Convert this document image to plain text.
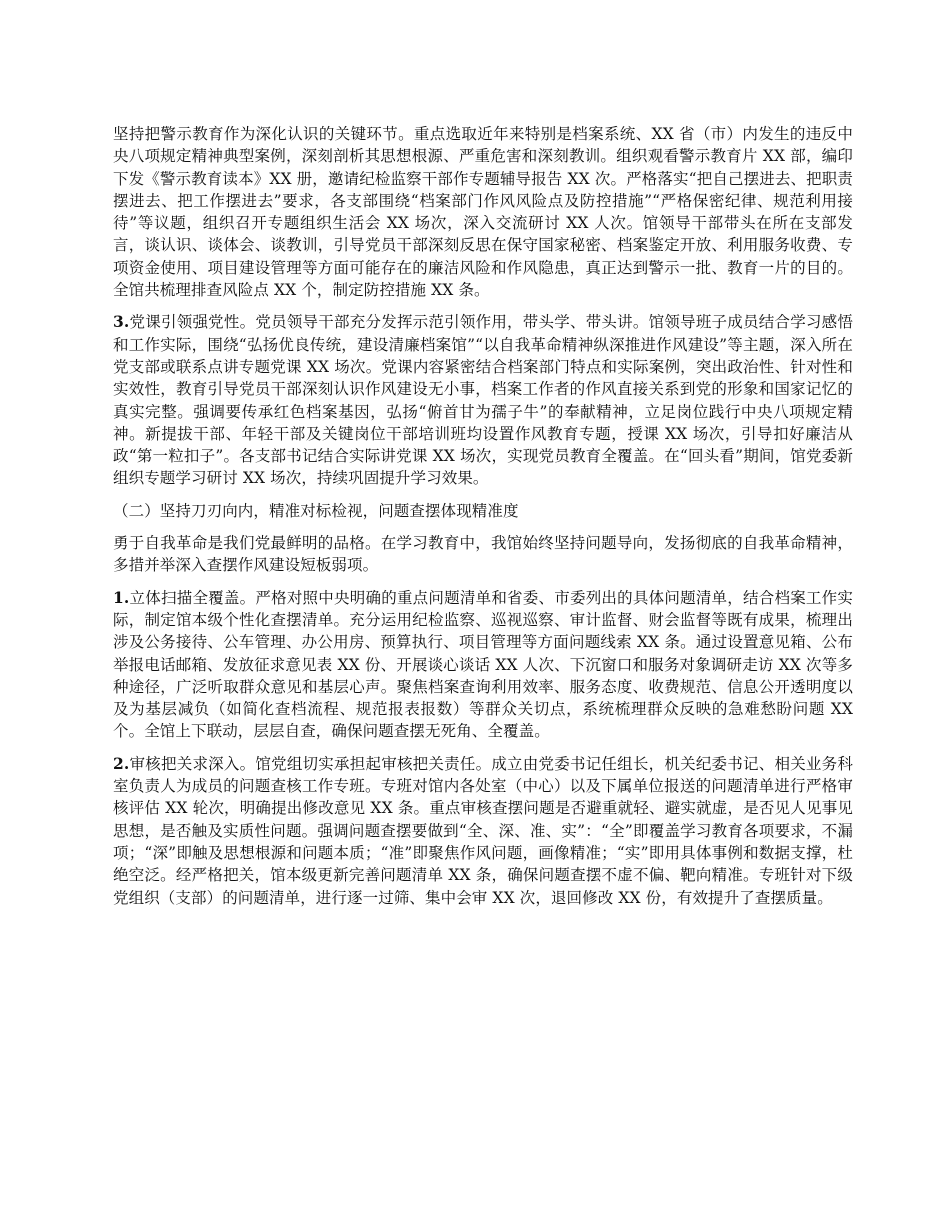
坚持把警示教育作为深化认识的关键环节。重点选取近年来特别是档案系统、XX 省（市）内发生的违反中央八项规定精神典型案例，深刻剖析其思想根源、严重危害和深刻教训。组织观看警示教育片 XX 部，编印下发《警示教育读本》XX 册，邀请纪检监察干部作专题辅导报告 XX 次。严格落实“把自己摆进去、把职责摆进去、把工作摆进去”要求，各支部围绕“档案部门作风风险点及防控措施”“严格保密纪律、规范利用接待”等议题，组织召开专题组织生活会 XX 场次，深入交流研讨 XX 人次。馆领导干部带头在所在支部发言，谈认识、谈体会、谈教训，引导党员干部深刻反思在保守国家秘密、档案鉴定开放、利用服务收费、专项资金使用、项目建设管理等方面可能存在的廉洁风险和作风隐患，真正达到警示一批、教育一片的目的。全馆共梳理排查风险点 XX 个，制定防控措施 XX 条。

3.党课引领强党性。党员领导干部充分发挥示范引领作用，带头学、带头讲。馆领导班子成员结合学习感悟和工作实际，围绕“弘扬优良传统，建设清廉档案馆”“以自我革命精神纵深推进作风建设”等主题，深入所在党支部或联系点讲专题党课 XX 场次。党课内容紧密结合档案部门特点和实际案例，突出政治性、针对性和实效性，教育引导党员干部深刻认识作风建设无小事，档案工作者的作风直接关系到党的形象和国家记忆的真实完整。强调要传承红色档案基因，弘扬“俯首甘为孺子牛”的奉献精神，立足岗位践行中央八项规定精神。新提拔干部、年轻干部及关键岗位干部培训班均设置作风教育专题，授课 XX 场次，引导扣好廉洁从政“第一粒扣子”。各支部书记结合实际讲党课 XX 场次，实现党员教育全覆盖。在“回头看”期间，馆党委新组织专题学习研讨 XX 场次，持续巩固提升学习效果。

（二）坚持刀刃向内，精准对标检视，问题查摆体现精准度

勇于自我革命是我们党最鲜明的品格。在学习教育中，我馆始终坚持问题导向，发扬彻底的自我革命精神，多措并举深入查摆作风建设短板弱项。

1.立体扫描全覆盖。严格对照中央明确的重点问题清单和省委、市委列出的具体问题清单，结合档案工作实际，制定馆本级个性化查摆清单。充分运用纪检监察、巡视巡察、审计监督、财会监督等既有成果，梳理出涉及公务接待、公车管理、办公用房、预算执行、项目管理等方面问题线索 XX 条。通过设置意见箱、公布举报电话邮箱、发放征求意见表 XX 份、开展谈心谈话 XX 人次、下沉窗口和服务对象调研走访 XX 次等多种途径，广泛听取群众意见和基层心声。聚焦档案查询利用效率、服务态度、收费规范、信息公开透明度以及为基层减负（如简化查档流程、规范报表报数）等群众关切点，系统梳理群众反映的急难愁盼问题 XX 个。全馆上下联动，层层自查，确保问题查摆无死角、全覆盖。

2.审核把关求深入。馆党组切实承担起审核把关责任。成立由党委书记任组长，机关纪委书记、相关业务科室负责人为成员的问题查核工作专班。专班对馆内各处室（中心）以及下属单位报送的问题清单进行严格审核评估 XX 轮次，明确提出修改意见 XX 条。重点审核查摆问题是否避重就轻、避实就虚，是否见人见事见思想，是否触及实质性问题。强调问题查摆要做到“全、深、准、实”：“全”即覆盖学习教育各项要求，不漏项；“深”即触及思想根源和问题本质；“准”即聚焦作风问题，画像精准；“实”即用具体事例和数据支撑，杜绝空泛。经严格把关，馆本级更新完善问题清单 XX 条，确保问题查摆不虚不偏、靶向精准。专班针对下级党组织（支部）的问题清单，进行逐一过筛、集中会审 XX 次，退回修改 XX 份，有效提升了查摆质量。
